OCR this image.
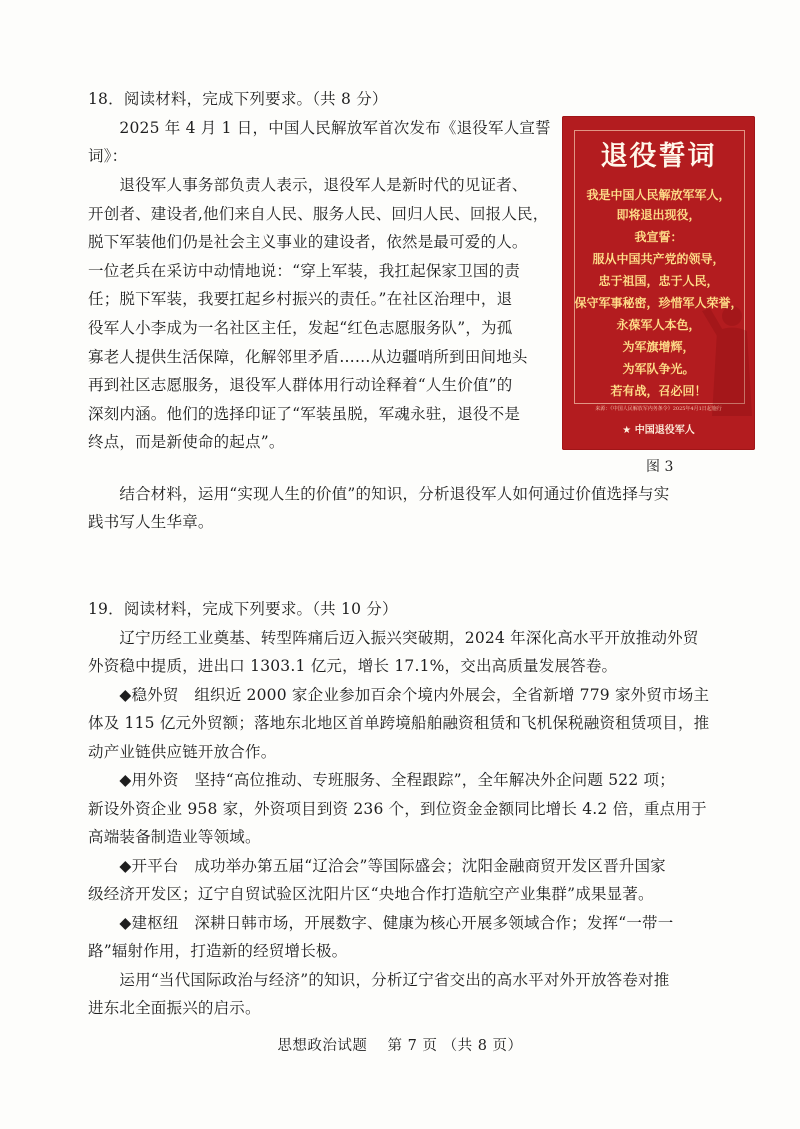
18．阅读材料，完成下列要求。（共 8 分）
　　2025 年 4 月 1 日，中国人民解放军首次发布《退役军人宣誓
词》：
　　退役军人事务部负责人表示，退役军人是新时代的见证者、
开创者、建设者,他们来自人民、服务人民、回归人民、回报人民，
脱下军装他们仍是社会主义事业的建设者，依然是最可爱的人。
一位老兵在采访中动情地说：“穿上军装，我扛起保家卫国的责
任；脱下军装，我要扛起乡村振兴的责任。”在社区治理中，退
役军人小李成为一名社区主任，发起“红色志愿服务队”，为孤
寡老人提供生活保障，化解邻里矛盾……从边疆哨所到田间地头
再到社区志愿服务，退役军人群体用行动诠释着“人生价值”的
深刻内涵。他们的选择印证了“军装虽脱，军魂永驻，退役不是
终点，而是新使命的起点”。
　　结合材料，运用“实现人生的价值”的知识，分析退役军人如何通过价值选择与实
践书写人生华章。
退役誓词
我是中国人民解放军军人，
即将退出现役，
我宣誓：
服从中国共产党的领导，
忠于祖国，忠于人民，
保守军事秘密，珍惜军人荣誉，
永葆军人本色，
为军旗增辉，
为军队争光。
若有战，召必回！
来源：《中国人民解放军内务条令》2025年4月1日起施行
★ 中国退役军人
图 3
19．阅读材料，完成下列要求。（共 10 分）
　　辽宁历经工业奠基、转型阵痛后迈入振兴突破期，2024 年深化高水平开放推动外贸
外资稳中提质，进出口 1303.1 亿元，增长 17.1%，交出高质量发展答卷。
　　◆稳外贸　组织近 2000 家企业参加百余个境内外展会，全省新增 779 家外贸市场主
体及 115 亿元外贸额；落地东北地区首单跨境船舶融资租赁和飞机保税融资租赁项目，推
动产业链供应链开放合作。
　　◆用外资　坚持“高位推动、专班服务、全程跟踪”，全年解决外企问题 522 项；
新设外资企业 958 家，外资项目到资 236 个，到位资金金额同比增长 4.2 倍，重点用于
高端装备制造业等领域。
　　◆开平台　成功举办第五届“辽洽会”等国际盛会；沈阳金融商贸开发区晋升国家
级经济开发区；辽宁自贸试验区沈阳片区“央地合作打造航空产业集群”成果显著。
　　◆建枢纽　深耕日韩市场，开展数字、健康为核心开展多领域合作；发挥“一带一
路”辐射作用，打造新的经贸增长极。
　　运用“当代国际政治与经济”的知识，分析辽宁省交出的高水平对外开放答卷对推
进东北全面振兴的启示。
思想政治试题　 第 7 页 （共 8 页）
